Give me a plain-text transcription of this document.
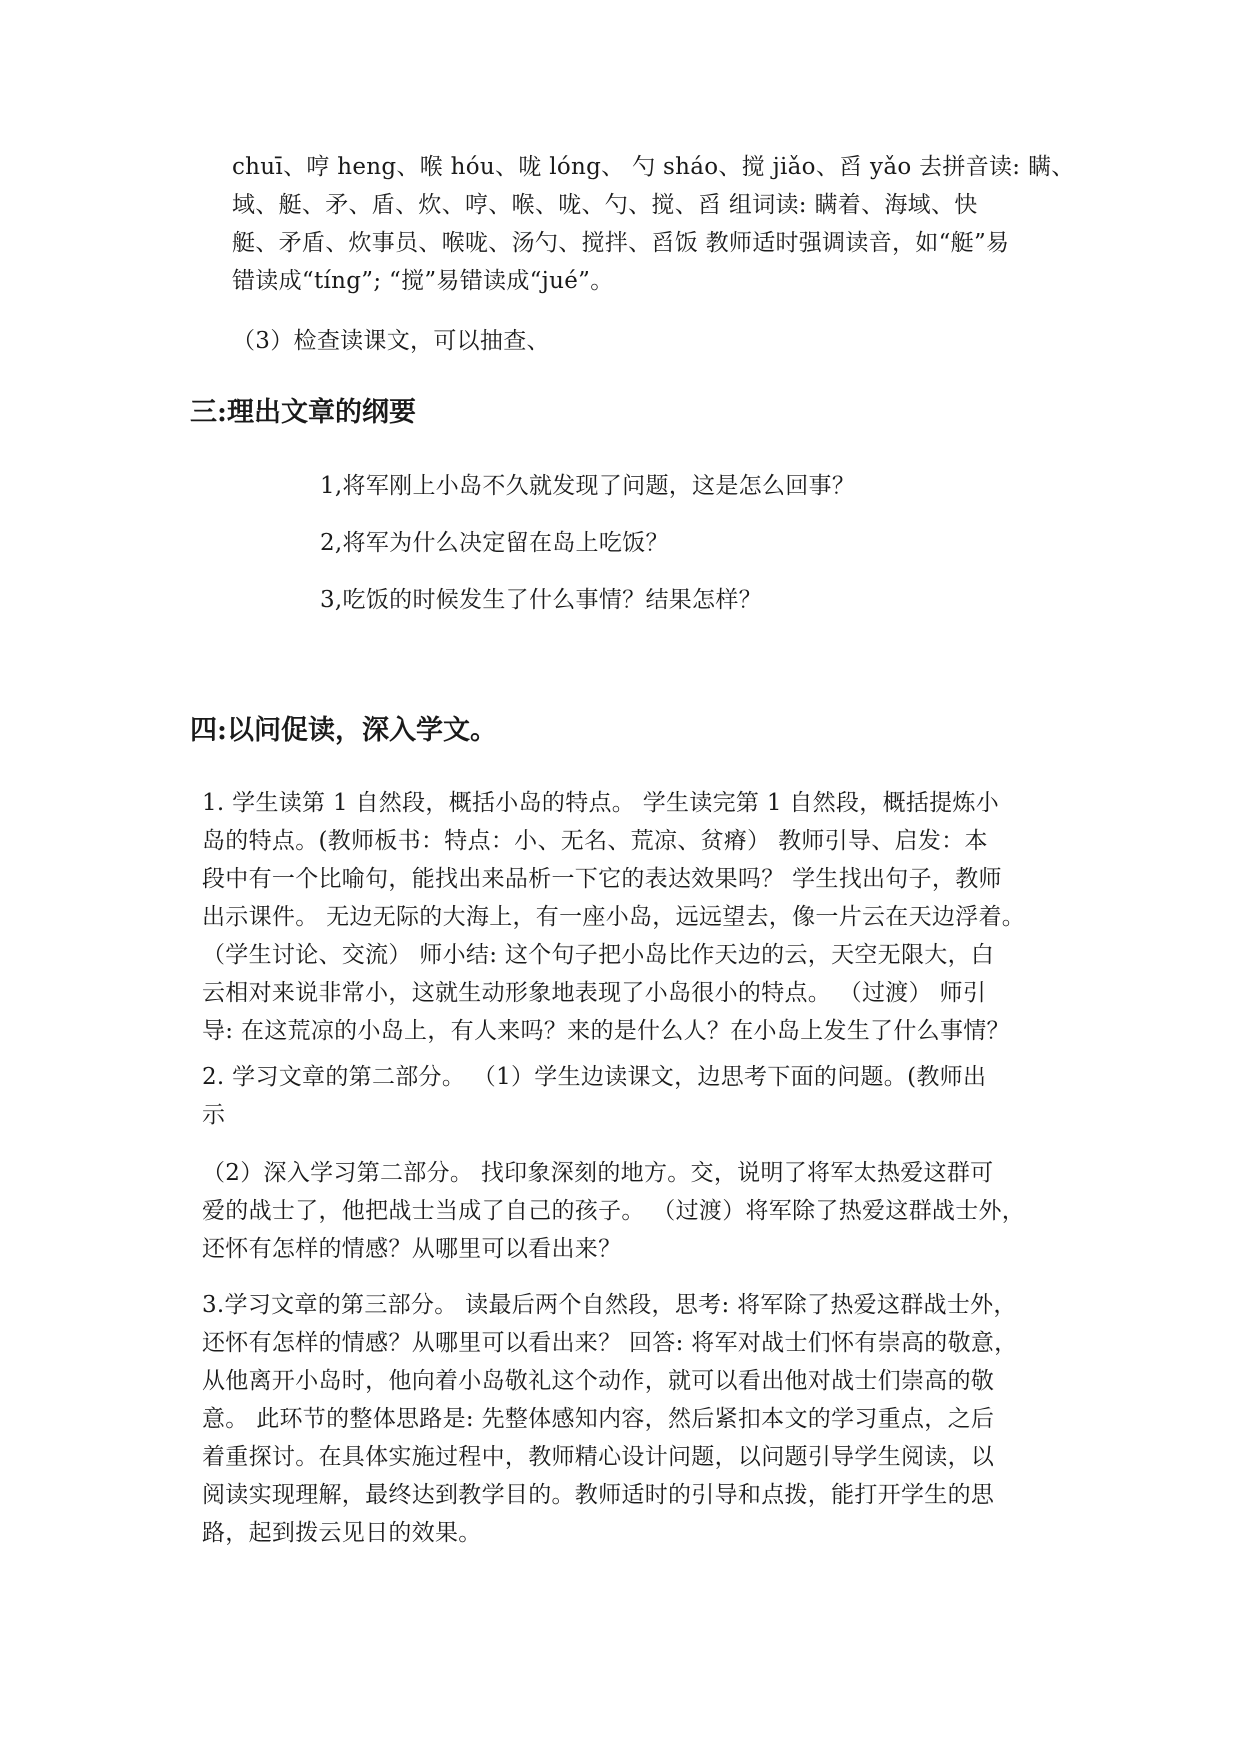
chuī、哼 heng、喉 hóu、咙 lóng、 勺 sháo、搅 jiǎo、舀 yǎo 去拼音读: 瞒、
域、艇、矛、盾、炊、哼、喉、咙、勺、搅、舀 组词读: 瞒着、海域、快
艇、矛盾、炊事员、喉咙、汤勺、搅拌、舀饭 教师适时强调读音，如“艇”易
错读成“tíng”; “搅”易错读成“jué”。

（3）检查读课文，可以抽查、

三:理出文章的纲要

1,将军刚上小岛不久就发现了问题，这是怎么回事？

2,将军为什么决定留在岛上吃饭？

3,吃饭的时候发生了什么事情？结果怎样？

四:以问促读，深入学文。
1. 学生读第 1 自然段，概括小岛的特点。 学生读完第 1 自然段，概括提炼小
岛的特点。(教师板书：特点：小、无名、荒凉、贫瘠） 教师引导、启发：本
段中有一个比喻句，能找出来品析一下它的表达效果吗？ 学生找出句子，教师
出示课件。 无边无际的大海上，有一座小岛，远远望去，像一片云在天边浮着。
（学生讨论、交流） 师小结: 这个句子把小岛比作天边的云，天空无限大，白
云相对来说非常小，这就生动形象地表现了小岛很小的特点。 （过渡） 师引
导: 在这荒凉的小岛上，有人来吗？来的是什么人？在小岛上发生了什么事情？
2. 学习文章的第二部分。 （1）学生边读课文，边思考下面的问题。(教师出
示
（2）深入学习第二部分。 找印象深刻的地方。交，说明了将军太热爱这群可
爱的战士了，他把战士当成了自己的孩子。 （过渡）将军除了热爱这群战士外，
还怀有怎样的情感？从哪里可以看出来？
3.学习文章的第三部分。 读最后两个自然段，思考: 将军除了热爱这群战士外，
还怀有怎样的情感？从哪里可以看出来？ 回答: 将军对战士们怀有崇高的敬意，
从他离开小岛时，他向着小岛敬礼这个动作，就可以看出他对战士们崇高的敬
意。 此环节的整体思路是: 先整体感知内容，然后紧扣本文的学习重点，之后
着重探讨。在具体实施过程中，教师精心设计问题，以问题引导学生阅读，以
阅读实现理解，最终达到教学目的。教师适时的引导和点拨，能打开学生的思
路，起到拨云见日的效果。
